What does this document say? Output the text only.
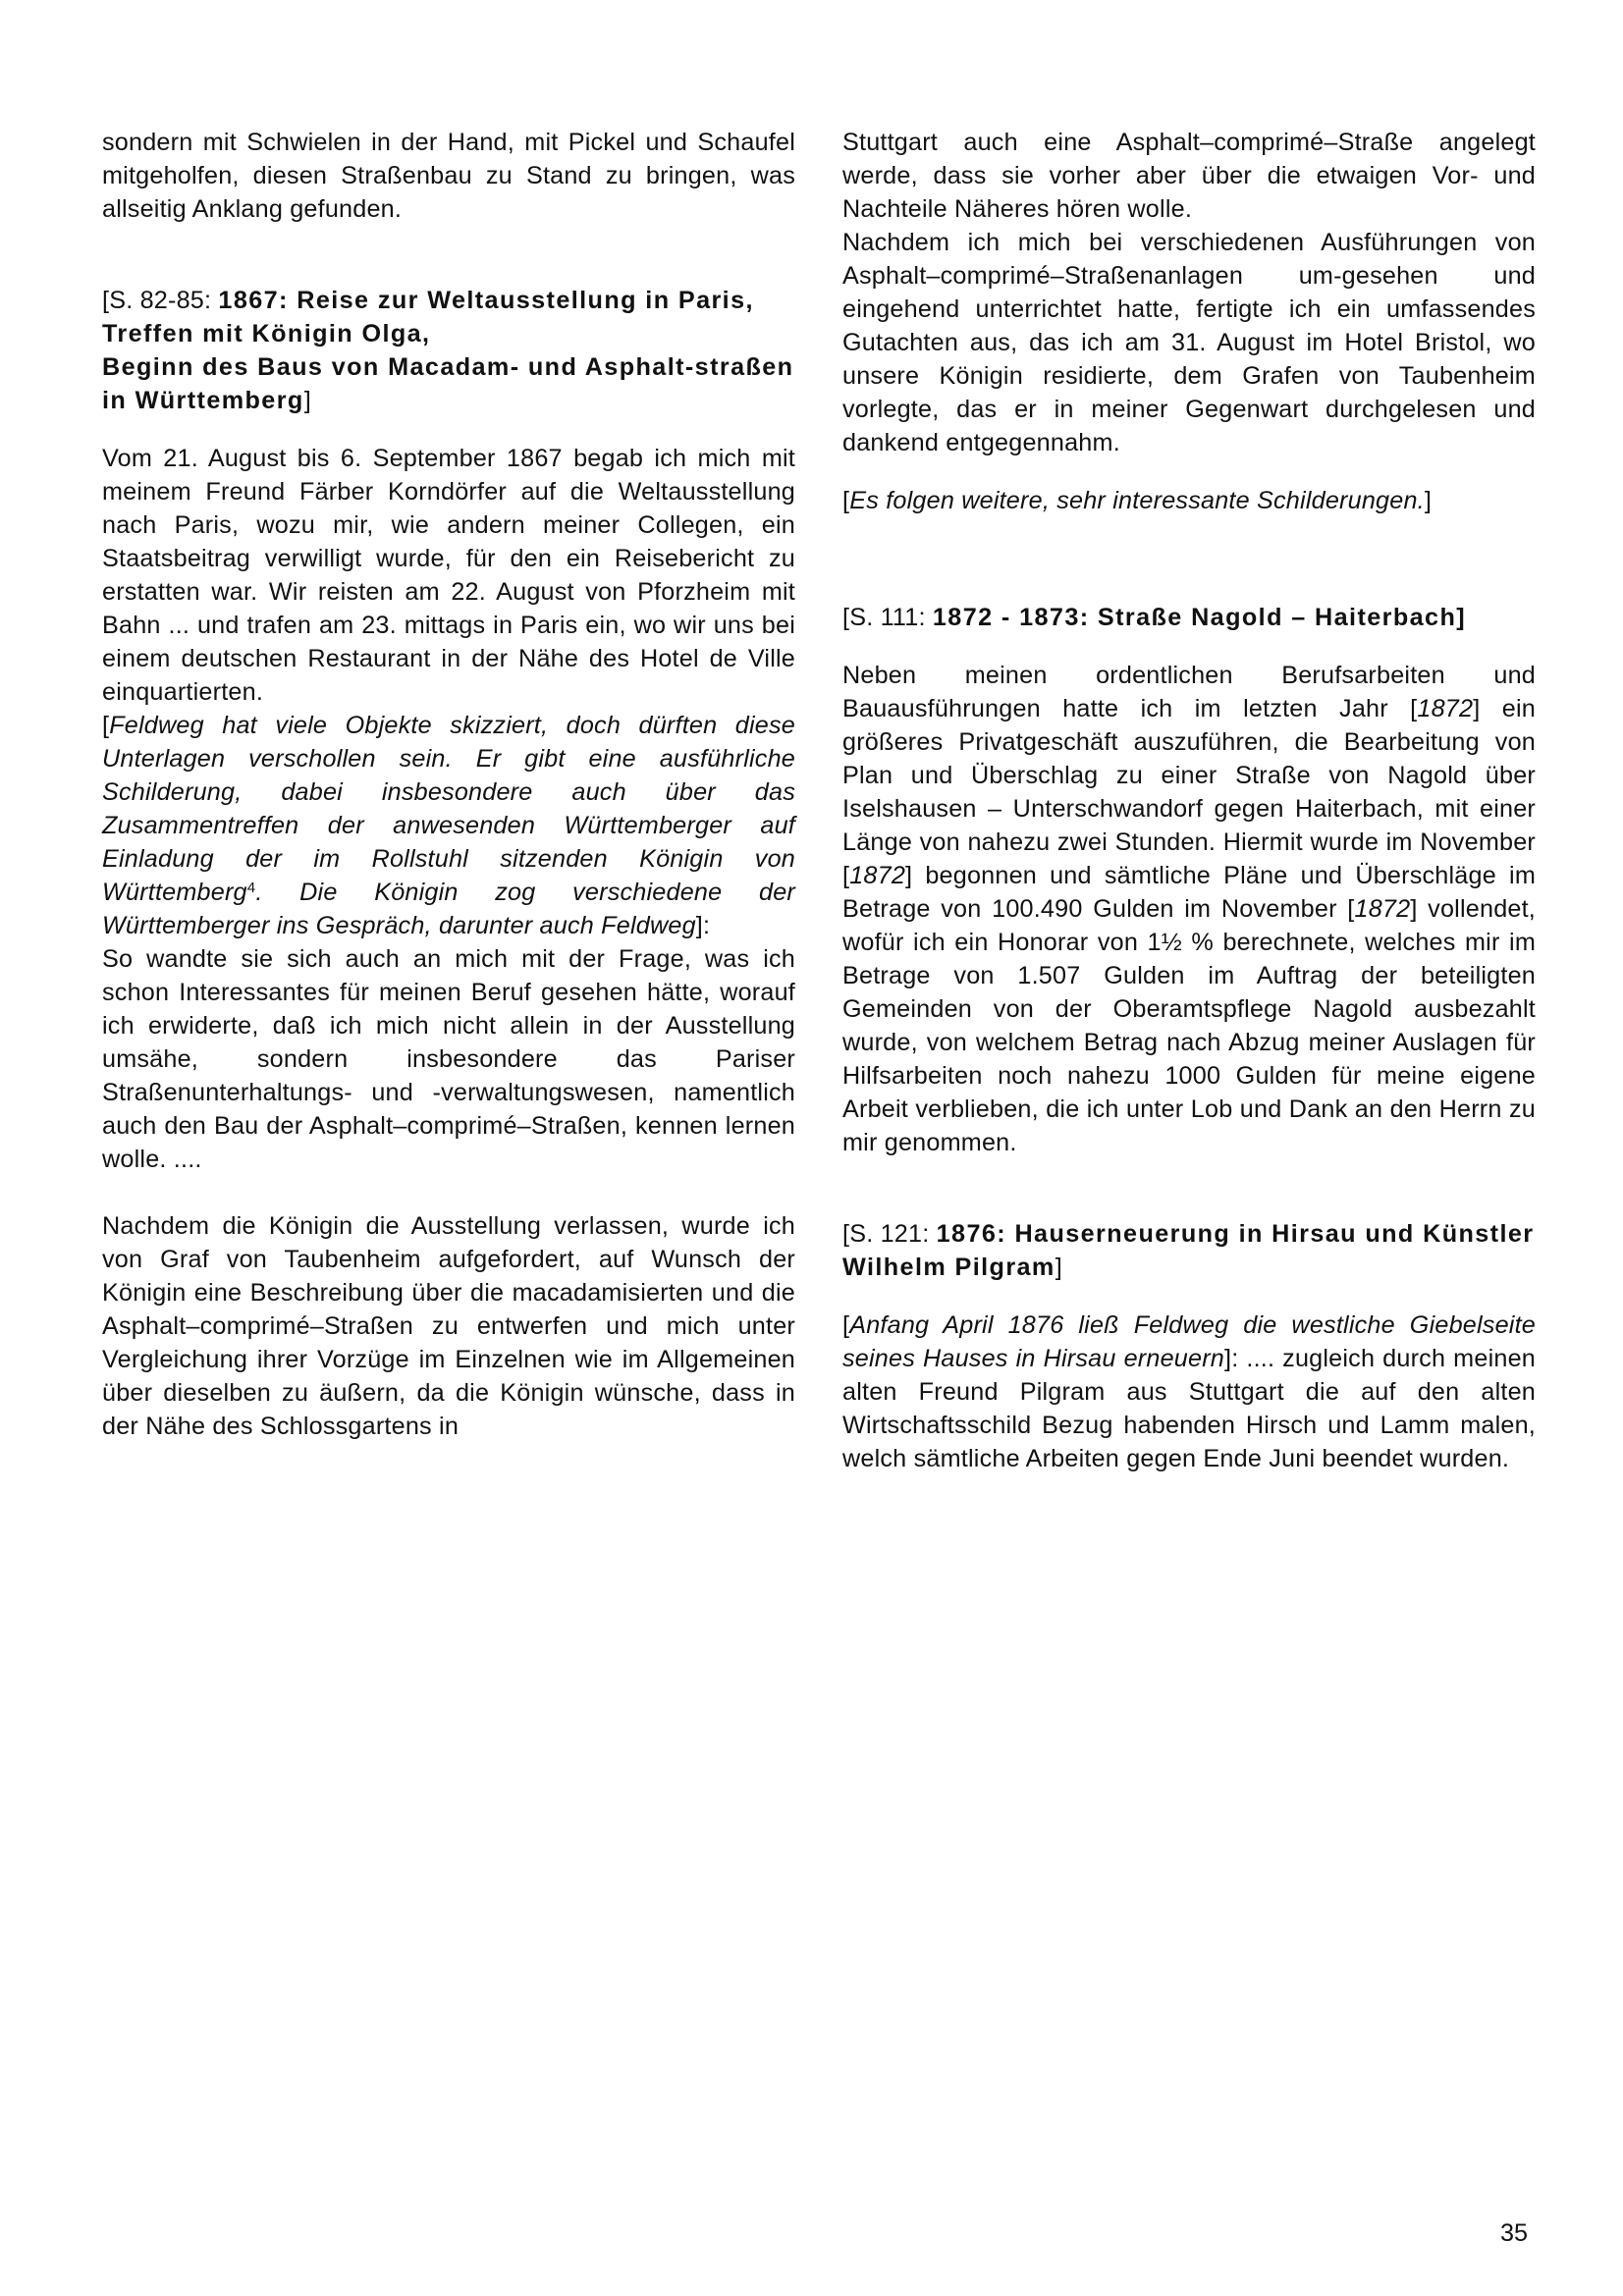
sondern mit Schwielen in der Hand, mit Pickel und Schaufel mitgeholfen, diesen Straßenbau zu Stand zu bringen, was allseitig Anklang gefunden.

[S. 82-85: 1867: Reise zur Weltausstellung in Paris, Treffen mit Königin Olga,
Beginn des Baus von Macadam- und Asphalt-straßen in Württemberg]

Vom 21. August bis 6. September 1867 begab ich mich mit meinem Freund Färber Korndörfer auf die Weltausstellung nach Paris, wozu mir, wie andern meiner Collegen, ein Staatsbeitrag verwilligt wurde, für den ein Reisebericht zu erstatten war. Wir reisten am 22. August von Pforzheim mit Bahn ... und trafen am 23. mittags in Paris ein, wo wir uns bei einem deutschen Restaurant in der Nähe des Hotel de Ville einquartierten.

[Feldweg hat viele Objekte skizziert, doch dürften diese Unterlagen verschollen sein. Er gibt eine ausführliche Schilderung, dabei insbesondere auch über das Zusammentreffen der anwesenden Württemberger auf Einladung der im Rollstuhl sitzenden Königin von Württemberg$^4$. Die Königin zog verschiedene der Württemberger ins Gespräch, darunter auch Feldweg]:

So wandte sie sich auch an mich mit der Frage, was ich schon Interessantes für meinen Beruf gesehen hätte, worauf ich erwiderte, daß ich mich nicht allein in der Ausstellung umsähe, sondern insbesondere das Pariser Straßenunterhaltungs- und -verwaltungswesen, namentlich auch den Bau der Asphalt–comprimé–Straßen, kennen lernen wolle. ....

Nachdem die Königin die Ausstellung verlassen, wurde ich von Graf von Taubenheim aufgefordert, auf Wunsch der Königin eine Beschreibung über die macadamisierten und die Asphalt–comprimé–Straßen zu entwerfen und mich unter Vergleichung ihrer Vorzüge im Einzelnen wie im Allgemeinen über dieselben zu äußern, da die Königin wünsche, dass in der Nähe des Schlossgartens in

Stuttgart auch eine Asphalt–comprimé–Straße angelegt werde, dass sie vorher aber über die etwaigen Vor- und Nachteile Näheres hören wolle.

Nachdem ich mich bei verschiedenen Ausführungen von Asphalt–comprimé–Straßenanlagen um-gesehen und eingehend unterrichtet hatte, fertigte ich ein umfassendes Gutachten aus, das ich am 31. August im Hotel Bristol, wo unsere Königin residierte, dem Grafen von Taubenheim vorlegte, das er in meiner Gegenwart durchgelesen und dankend entgegennahm.

[Es folgen weitere, sehr interessante Schilderungen.]

[S. 111: 1872 - 1873: Straße Nagold – Haiterbach]

Neben meinen ordentlichen Berufsarbeiten und Bauausführungen hatte ich im letzten Jahr [1872] ein größeres Privatgeschäft auszuführen, die Bearbeitung von Plan und Überschlag zu einer Straße von Nagold über Iselshausen – Unterschwandorf gegen Haiterbach, mit einer Länge von nahezu zwei Stunden. Hiermit wurde im November [1872] begonnen und sämtliche Pläne und Überschläge im Betrage von 100.490 Gulden im November [1872] vollendet, wofür ich ein Honorar von 1½ % berechnete, welches mir im Betrage von 1.507 Gulden im Auftrag der beteiligten Gemeinden von der Oberamtspflege Nagold ausbezahlt wurde, von welchem Betrag nach Abzug meiner Auslagen für Hilfsarbeiten noch nahezu 1000 Gulden für meine eigene Arbeit verblieben, die ich unter Lob und Dank an den Herrn zu mir genommen.

[S. 121: 1876: Hauserneuerung in Hirsau und Künstler Wilhelm Pilgram]

[Anfang April 1876 ließ Feldweg die westliche Giebelseite seines Hauses in Hirsau erneuern]: .... zugleich durch meinen alten Freund Pilgram aus Stuttgart die auf den alten Wirtschaftsschild Bezug habenden Hirsch und Lamm malen, welch sämtliche Arbeiten gegen Ende Juni beendet wurden.

35
